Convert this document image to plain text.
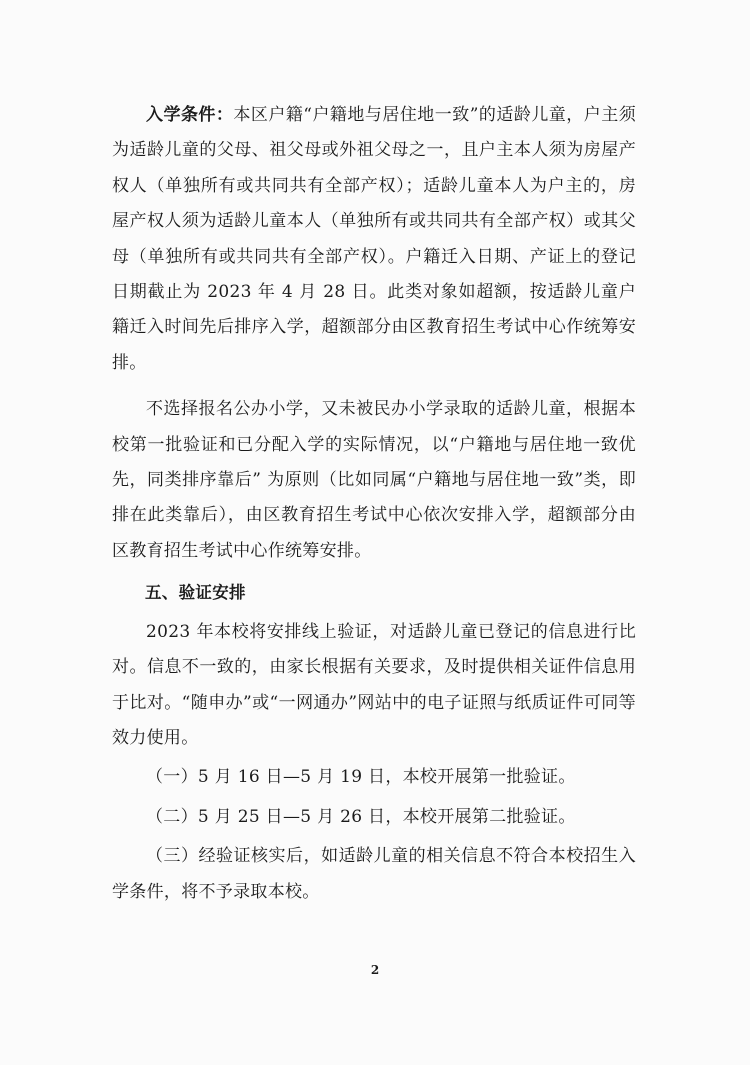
入学条件：本区户籍“户籍地与居住地一致”的适龄儿童，户主须为适龄儿童的父母、祖父母或外祖父母之一，且户主本人须为房屋产权人（单独所有或共同共有全部产权）；适龄儿童本人为户主的，房屋产权人须为适龄儿童本人（单独所有或共同共有全部产权）或其父母（单独所有或共同共有全部产权）。户籍迁入日期、产证上的登记日期截止为 2023 年 4 月 28 日。此类对象如超额，按适龄儿童户籍迁入时间先后排序入学，超额部分由区教育招生考试中心作统筹安排。

不选择报名公办小学，又未被民办小学录取的适龄儿童，根据本校第一批验证和已分配入学的实际情况，以“户籍地与居住地一致优先，同类排序靠后” 为原则（比如同属“户籍地与居住地一致”类，即排在此类靠后），由区教育招生考试中心依次安排入学，超额部分由区教育招生考试中心作统筹安排。

五、验证安排

2023 年本校将安排线上验证，对适龄儿童已登记的信息进行比对。信息不一致的，由家长根据有关要求，及时提供相关证件信息用于比对。“随申办”或“一网通办”网站中的电子证照与纸质证件可同等效力使用。

（一）5 月 16 日—5 月 19 日，本校开展第一批验证。

（二）5 月 25 日—5 月 26 日，本校开展第二批验证。

（三）经验证核实后，如适龄儿童的相关信息不符合本校招生入学条件，将不予录取本校。

2
